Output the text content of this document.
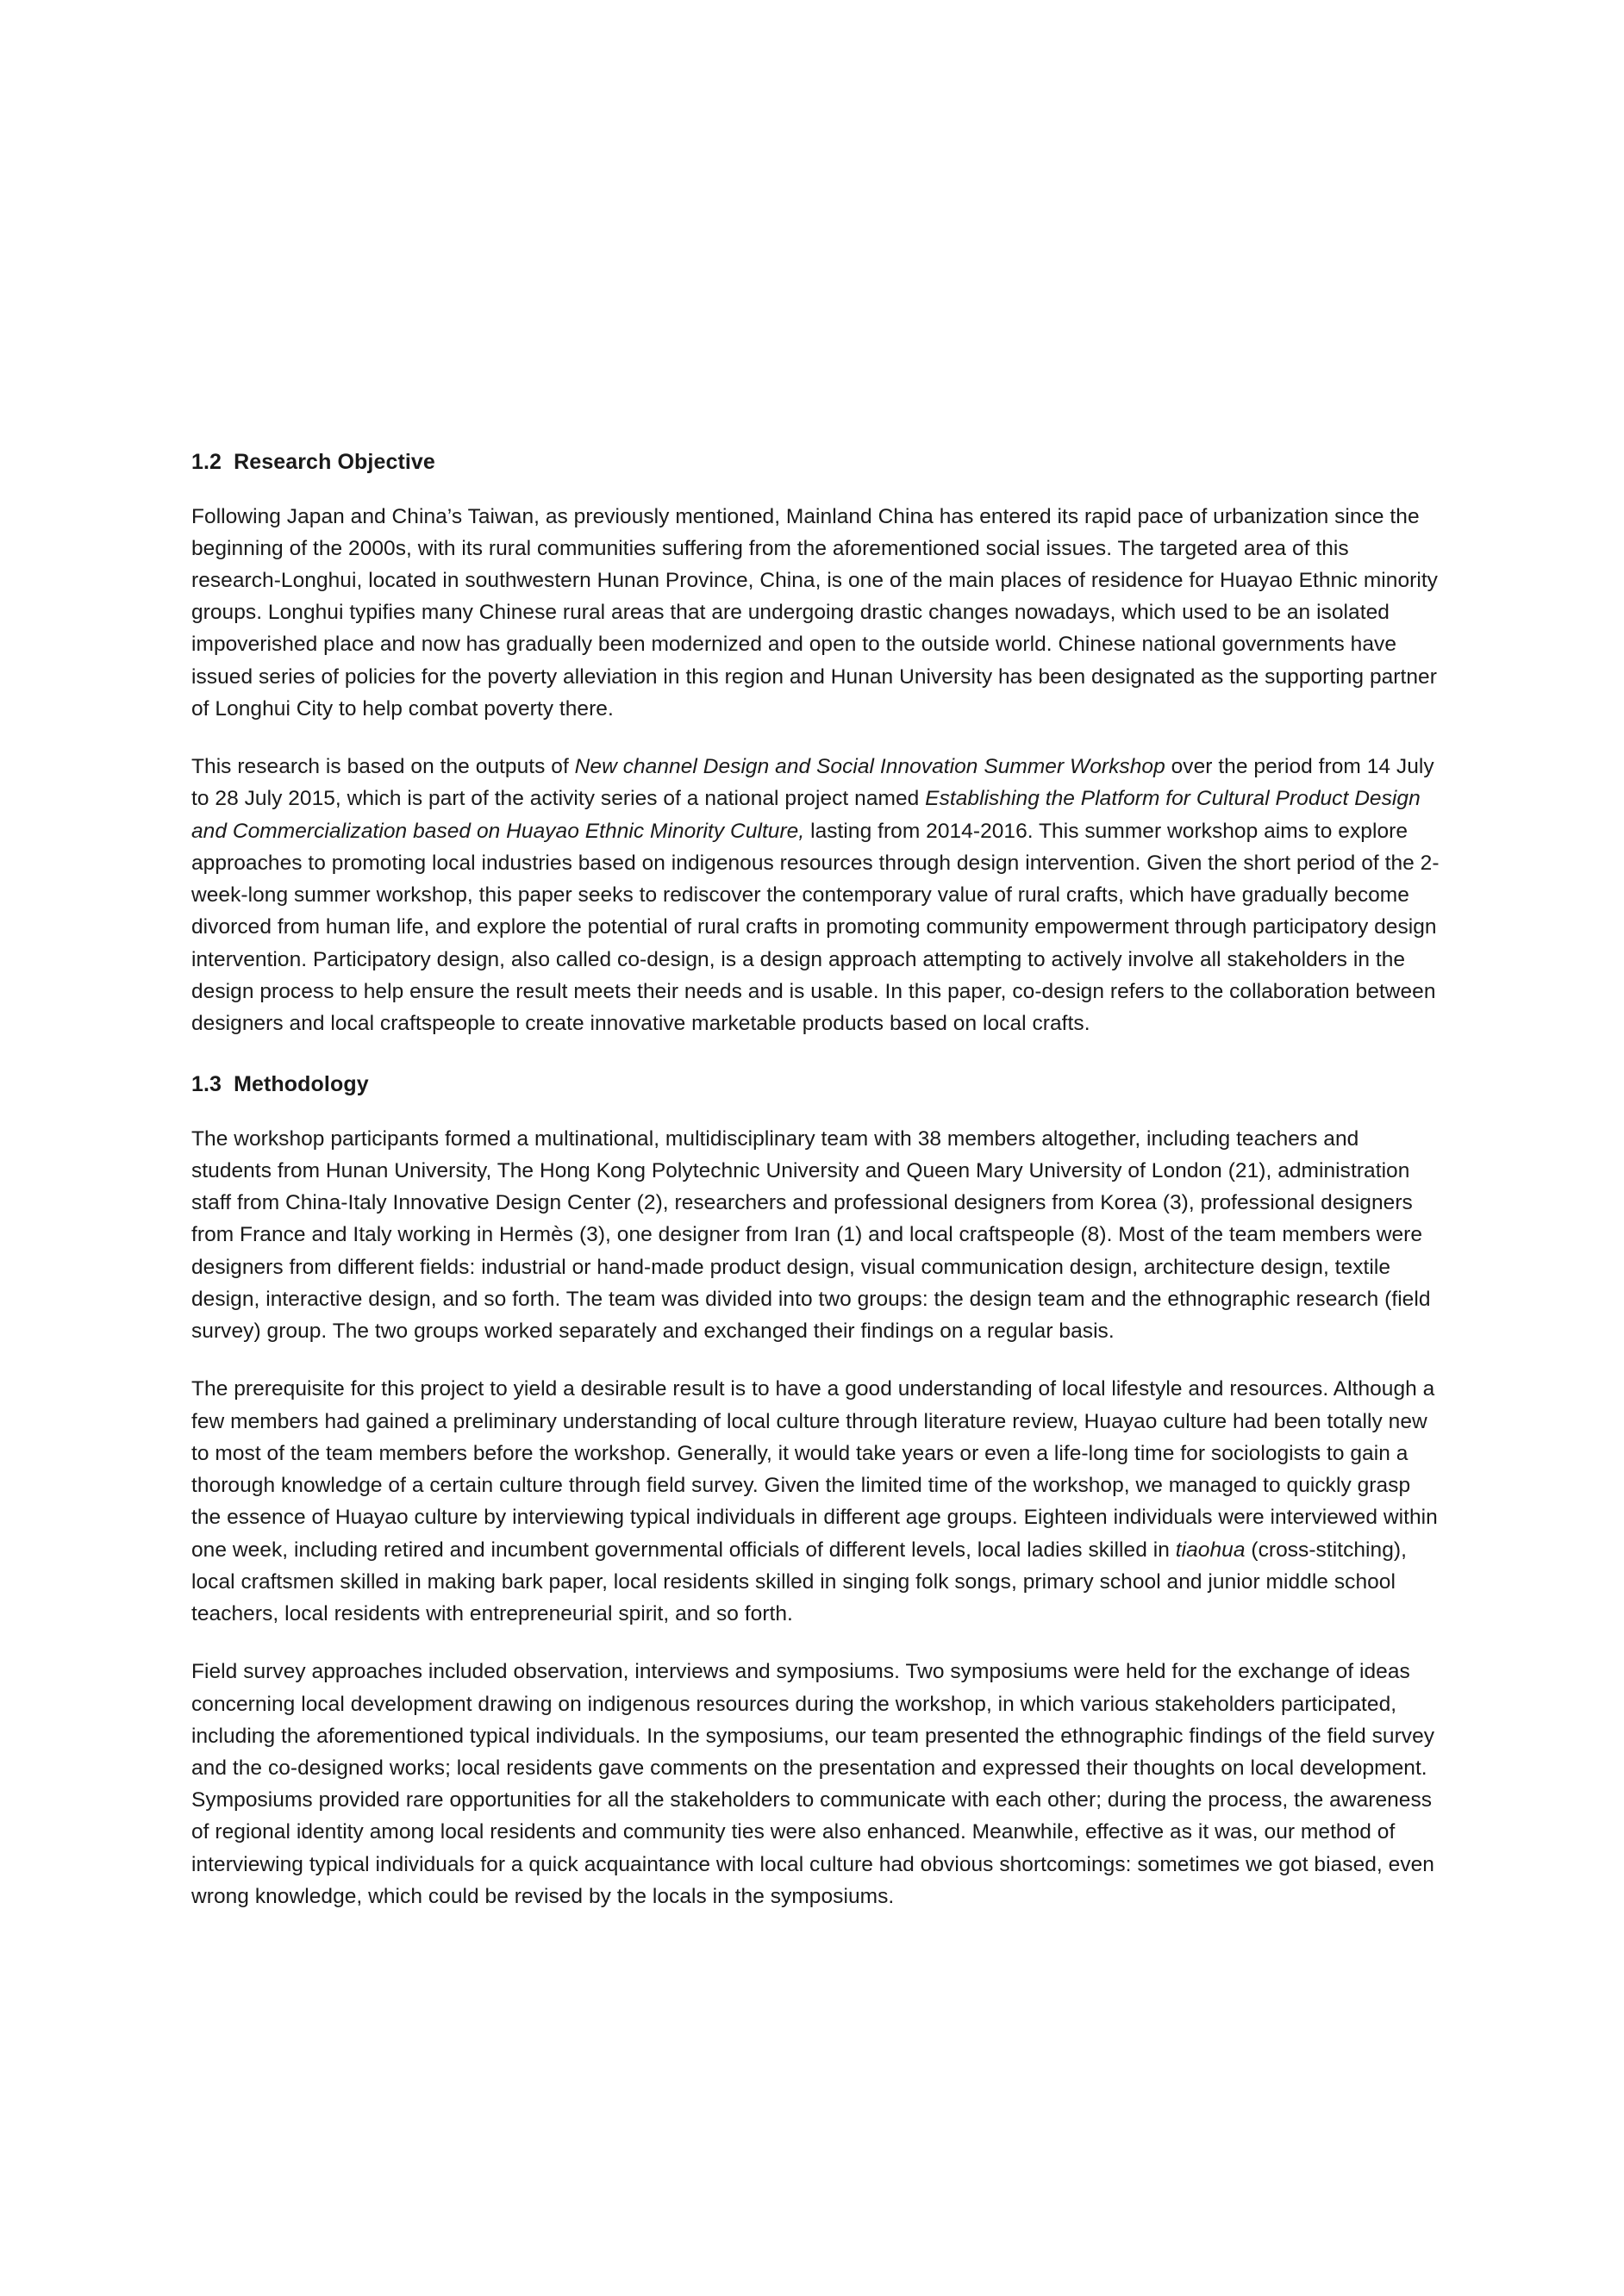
1.2 Research Objective

Following Japan and China’s Taiwan, as previously mentioned, Mainland China has entered its rapid pace of urbanization since the beginning of the 2000s, with its rural communities suffering from the aforementioned social issues. The targeted area of this research-Longhui, located in southwestern Hunan Province, China, is one of the main places of residence for Huayao Ethnic minority groups. Longhui typifies many Chinese rural areas that are undergoing drastic changes nowadays, which used to be an isolated impoverished place and now has gradually been modernized and open to the outside world. Chinese national governments have issued series of policies for the poverty alleviation in this region and Hunan University has been designated as the supporting partner of Longhui City to help combat poverty there.

This research is based on the outputs of New channel Design and Social Innovation Summer Workshop over the period from 14 July to 28 July 2015, which is part of the activity series of a national project named Establishing the Platform for Cultural Product Design and Commercialization based on Huayao Ethnic Minority Culture, lasting from 2014-2016. This summer workshop aims to explore approaches to promoting local industries based on indigenous resources through design intervention. Given the short period of the 2-week-long summer workshop, this paper seeks to rediscover the contemporary value of rural crafts, which have gradually become divorced from human life, and explore the potential of rural crafts in promoting community empowerment through participatory design intervention. Participatory design, also called co-design, is a design approach attempting to actively involve all stakeholders in the design process to help ensure the result meets their needs and is usable. In this paper, co-design refers to the collaboration between designers and local craftspeople to create innovative marketable products based on local crafts.

1.3 Methodology

The workshop participants formed a multinational, multidisciplinary team with 38 members altogether, including teachers and students from Hunan University, The Hong Kong Polytechnic University and Queen Mary University of London (21), administration staff from China-Italy Innovative Design Center (2), researchers and professional designers from Korea (3), professional designers from France and Italy working in Hermès (3), one designer from Iran (1) and local craftspeople (8). Most of the team members were designers from different fields: industrial or hand-made product design, visual communication design, architecture design, textile design, interactive design, and so forth. The team was divided into two groups: the design team and the ethnographic research (field survey) group. The two groups worked separately and exchanged their findings on a regular basis.

The prerequisite for this project to yield a desirable result is to have a good understanding of local lifestyle and resources. Although a few members had gained a preliminary understanding of local culture through literature review, Huayao culture had been totally new to most of the team members before the workshop. Generally, it would take years or even a life-long time for sociologists to gain a thorough knowledge of a certain culture through field survey. Given the limited time of the workshop, we managed to quickly grasp the essence of Huayao culture by interviewing typical individuals in different age groups. Eighteen individuals were interviewed within one week, including retired and incumbent governmental officials of different levels, local ladies skilled in tiaohua (cross-stitching), local craftsmen skilled in making bark paper, local residents skilled in singing folk songs, primary school and junior middle school teachers, local residents with entrepreneurial spirit, and so forth.

Field survey approaches included observation, interviews and symposiums. Two symposiums were held for the exchange of ideas concerning local development drawing on indigenous resources during the workshop, in which various stakeholders participated, including the aforementioned typical individuals. In the symposiums, our team presented the ethnographic findings of the field survey and the co-designed works; local residents gave comments on the presentation and expressed their thoughts on local development. Symposiums provided rare opportunities for all the stakeholders to communicate with each other; during the process, the awareness of regional identity among local residents and community ties were also enhanced. Meanwhile, effective as it was, our method of interviewing typical individuals for a quick acquaintance with local culture had obvious shortcomings: sometimes we got biased, even wrong knowledge, which could be revised by the locals in the symposiums.
